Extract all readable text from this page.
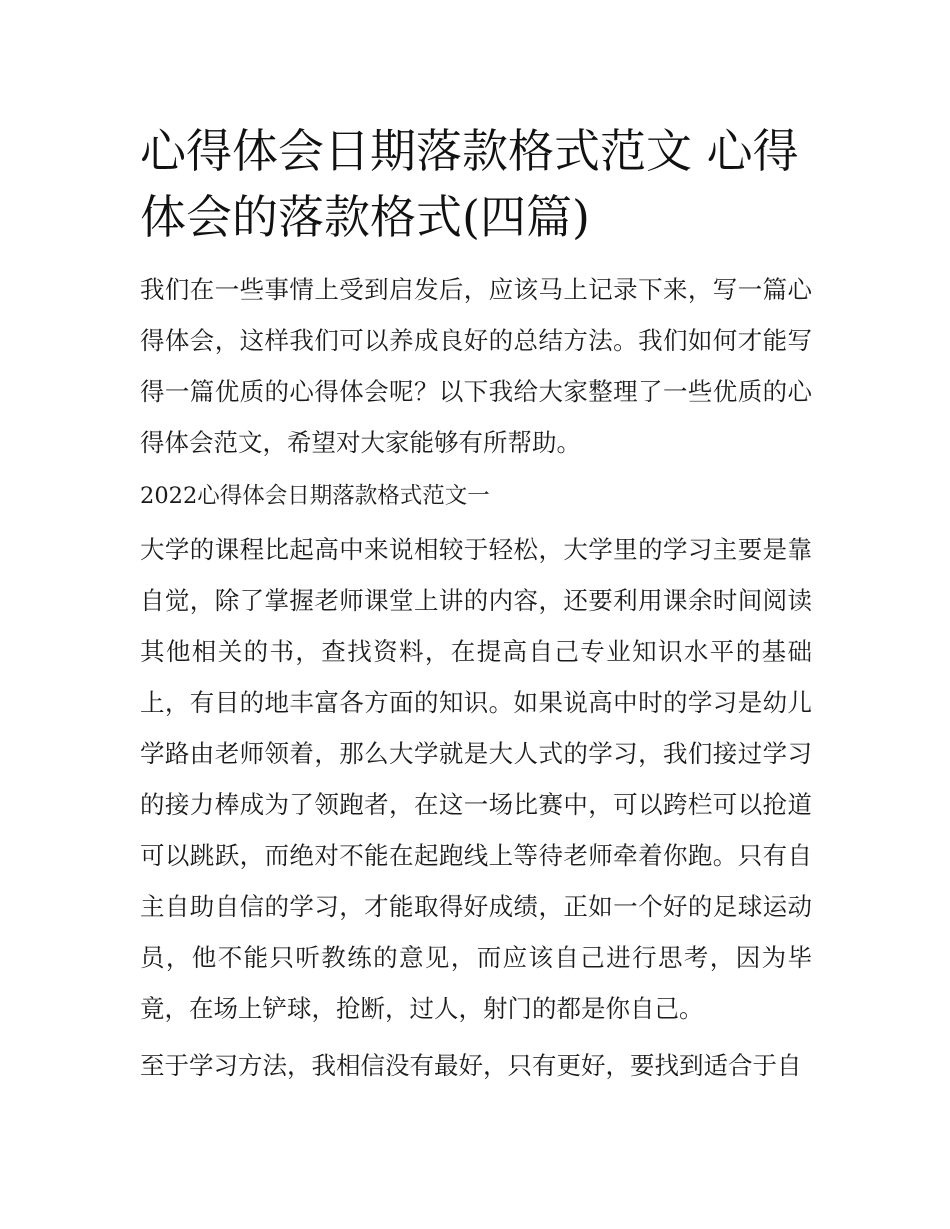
心得体会日期落款格式范文 心得体会的落款格式(四篇)

我们在一些事情上受到启发后，应该马上记录下来，写一篇心得体会，这样我们可以养成良好的总结方法。我们如何才能写得一篇优质的心得体会呢？以下我给大家整理了一些优质的心得体会范文，希望对大家能够有所帮助。

2022心得体会日期落款格式范文一

大学的课程比起高中来说相较于轻松，大学里的学习主要是靠自觉，除了掌握老师课堂上讲的内容，还要利用课余时间阅读其他相关的书，查找资料，在提高自己专业知识水平的基础上，有目的地丰富各方面的知识。如果说高中时的学习是幼儿学路由老师领着，那么大学就是大人式的学习，我们接过学习的接力棒成为了领跑者，在这一场比赛中，可以跨栏可以抢道可以跳跃，而绝对不能在起跑线上等待老师牵着你跑。只有自主自助自信的学习，才能取得好成绩，正如一个好的足球运动员，他不能只听教练的意见，而应该自己进行思考，因为毕竟，在场上铲球，抢断，过人，射门的都是你自己。

至于学习方法，我相信没有最好，只有更好，要找到适合于自
